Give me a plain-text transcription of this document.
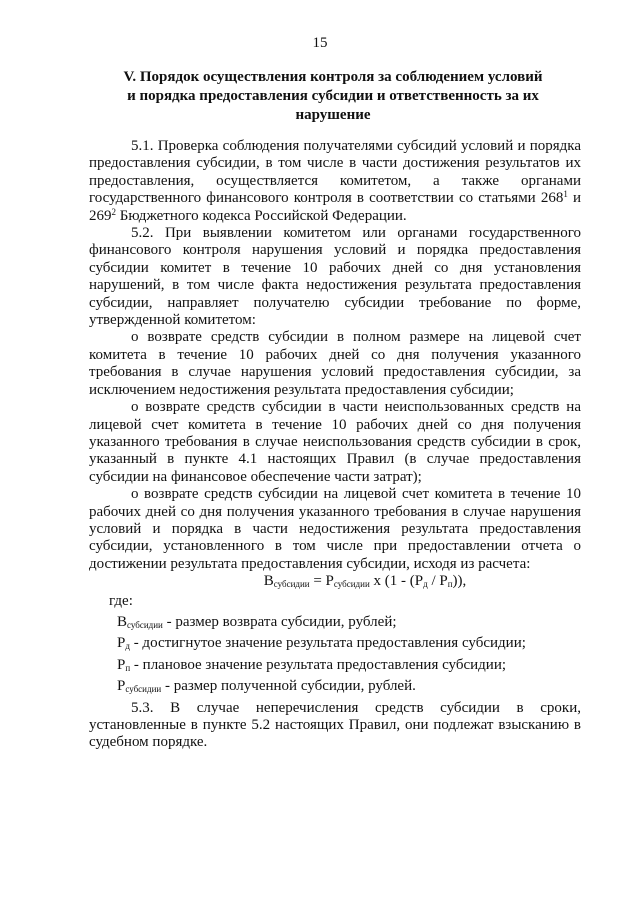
15
V. Порядок осуществления контроля за соблюдением условий
и порядка предоставления субсидии и ответственность за их
нарушение

5.1. Проверка соблюдения получателями субсидий условий и порядка предоставления субсидии, в том числе в части достижения результатов их предоставления, осуществляется комитетом, а также органами государственного финансового контроля в соответствии со статьями $268^1$ и $269^2$ Бюджетного кодекса Российской Федерации.

5.2. При выявлении комитетом или органами государственного финансового контроля нарушения условий и порядка предоставления субсидии комитет в течение 10 рабочих дней со дня установления нарушений, в том числе факта недостижения результата предоставления субсидии, направляет получателю субсидии требование по форме, утвержденной комитетом:

о возврате средств субсидии в полном размере на лицевой счет комитета в течение 10 рабочих дней со дня получения указанного требования в случае нарушения условий предоставления субсидии, за исключением недостижения результата предоставления субсидии;

о возврате средств субсидии в части неиспользованных средств на лицевой счет комитета в течение 10 рабочих дней со дня получения указанного требования в случае неиспользования средств субсидии в срок, указанный в пункте 4.1 настоящих Правил (в случае предоставления субсидии на финансовое обеспечение части затрат);

о возврате средств субсидии на лицевой счет комитета в течение 10 рабочих дней со дня получения указанного требования в случае нарушения условий и порядка в части недостижения результата предоставления субсидии, установленного в том числе при предоставлении отчета о достижении результата предоставления субсидии, исходя из расчета:

$В_{субсидии} = Р_{субсидии}$ x $(1 - (Р_д / Р_п))$,

где:

$В_{субсидии}$ - размер возврата субсидии, рублей;

$Р_д$ - достигнутое значение результата предоставления субсидии;

$Р_п$ - плановое значение результата предоставления субсидии;

$Р_{субсидии}$ - размер полученной субсидии, рублей.

5.3. В случае неперечисления средств субсидии в сроки, установленные в пункте 5.2 настоящих Правил, они подлежат взысканию в судебном порядке.
